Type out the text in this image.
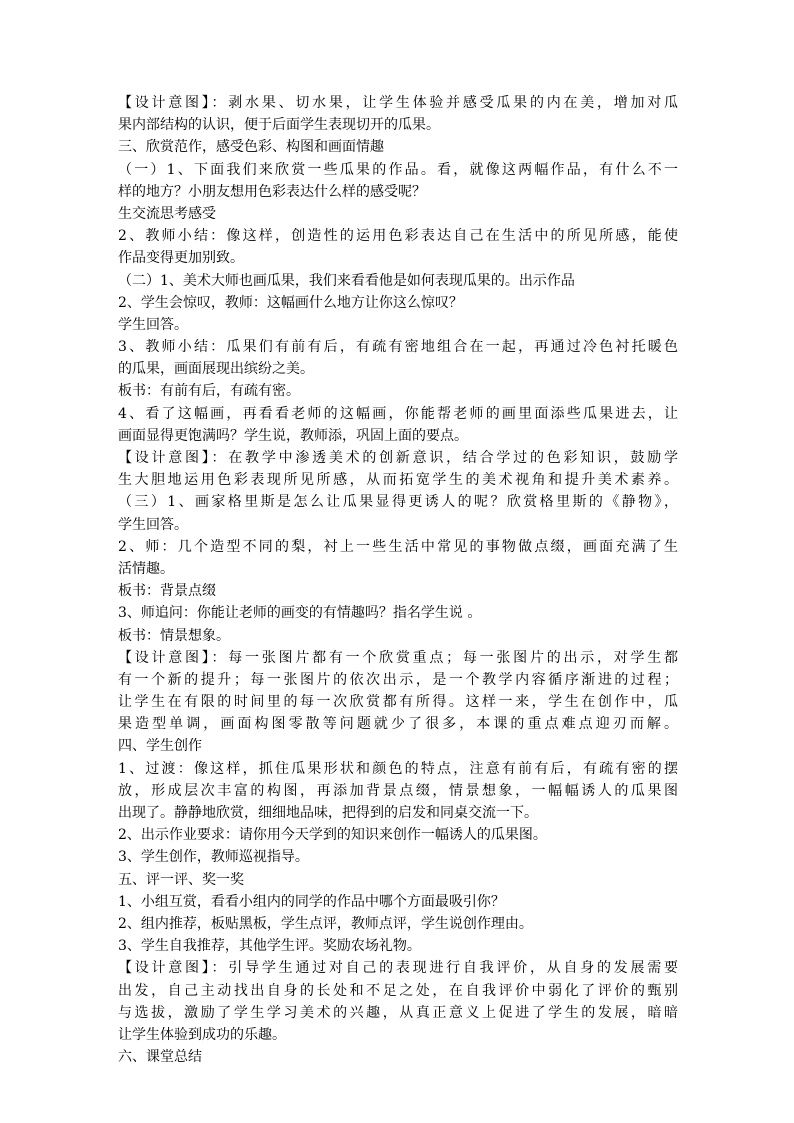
【设计意图】：剥水果、切水果，让学生体验并感受瓜果的内在美，增加对瓜
果内部结构的认识，便于后面学生表现切开的瓜果。
三、欣赏范作，感受色彩、构图和画面情趣
（一）1、下面我们来欣赏一些瓜果的作品。看，就像这两幅作品，有什么不一
样的地方？小朋友想用色彩表达什么样的感受呢？
生交流思考感受
2、教师小结：像这样，创造性的运用色彩表达自己在生活中的所见所感，能使
作品变得更加别致。
（二）1、美术大师也画瓜果，我们来看看他是如何表现瓜果的。出示作品
2、学生会惊叹，教师：这幅画什么地方让你这么惊叹？
学生回答。
3、教师小结：瓜果们有前有后，有疏有密地组合在一起，再通过冷色衬托暖色
的瓜果，画面展现出缤纷之美。
板书：有前有后，有疏有密。
4、看了这幅画，再看看老师的这幅画，你能帮老师的画里面添些瓜果进去，让
画面显得更饱满吗？学生说，教师添，巩固上面的要点。
【设计意图】：在教学中渗透美术的创新意识，结合学过的色彩知识，鼓励学
生大胆地运用色彩表现所见所感，从而拓宽学生的美术视角和提升美术素养。
（三）1、画家格里斯是怎么让瓜果显得更诱人的呢？欣赏格里斯的《静物》，
学生回答。
2、师：几个造型不同的梨，衬上一些生活中常见的事物做点缀，画面充满了生
活情趣。
板书：背景点缀
3、师追问：你能让老师的画变的有情趣吗？指名学生说 。
板书：情景想象。
【设计意图】：每一张图片都有一个欣赏重点；每一张图片的出示，对学生都
有一个新的提升；每一张图片的依次出示，是一个教学内容循序渐进的过程；
让学生在有限的时间里的每一次欣赏都有所得。这样一来，学生在创作中，瓜
果造型单调，画面构图零散等问题就少了很多，本课的重点难点迎刃而解。
四、学生创作
1、过渡：像这样，抓住瓜果形状和颜色的特点，注意有前有后，有疏有密的摆
放，形成层次丰富的构图，再添加背景点缀，情景想象，一幅幅诱人的瓜果图
出现了。静静地欣赏，细细地品味，把得到的启发和同桌交流一下。
2、出示作业要求：请你用今天学到的知识来创作一幅诱人的瓜果图。
3、学生创作，教师巡视指导。
五、评一评、奖一奖
1、小组互赏，看看小组内的同学的作品中哪个方面最吸引你？
2、组内推荐，板贴黑板，学生点评，教师点评，学生说创作理由。
3、学生自我推荐，其他学生评。奖励农场礼物。
【设计意图】：引导学生通过对自己的表现进行自我评价，从自身的发展需要
出发，自己主动找出自身的长处和不足之处，在自我评价中弱化了评价的甄别
与选拔，激励了学生学习美术的兴趣，从真正意义上促进了学生的发展，暗暗
让学生体验到成功的乐趣。
六、课堂总结
